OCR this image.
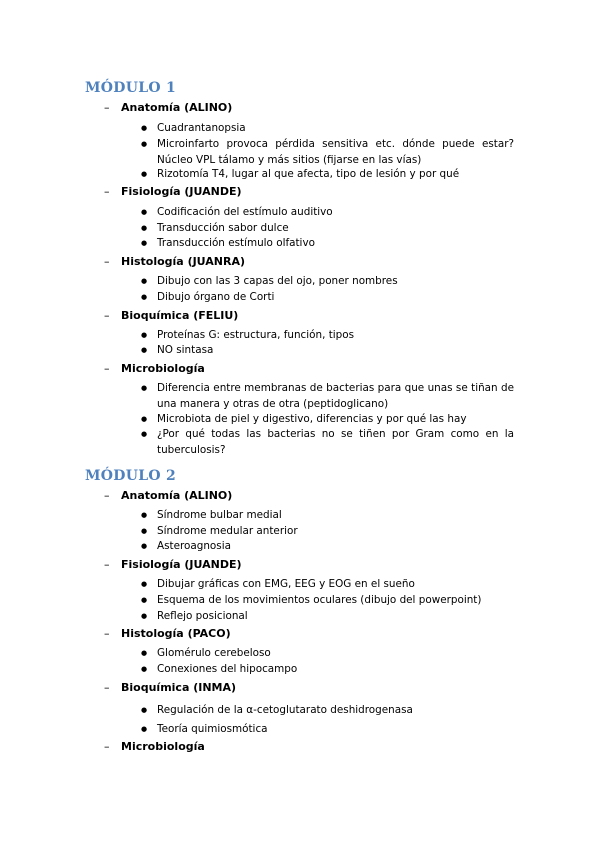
MÓDULO 1
– Anatomía (ALINO)
● Cuadrantanopsia
● Microinfarto provoca pérdida sensitiva etc. dónde puede estar? Núcleo VPL tálamo y más sitios (fijarse en las vías)
● Rizotomía T4, lugar al que afecta, tipo de lesión y por qué
– Fisiología (JUANDE)
● Codificación del estímulo auditivo
● Transducción sabor dulce
● Transducción estímulo olfativo
– Histología (JUANRA)
● Dibujo con las 3 capas del ojo, poner nombres
● Dibujo órgano de Corti
– Bioquímica (FELIU)
● Proteínas G: estructura, función, tipos
● NO sintasa
– Microbiología
● Diferencia entre membranas de bacterias para que unas se tiñan de una manera y otras de otra (peptidoglicano)
● Microbiota de piel y digestivo, diferencias y por qué las hay
● ¿Por qué todas las bacterias no se tiñen por Gram como en la tuberculosis?
MÓDULO 2
– Anatomía (ALINO)
● Síndrome bulbar medial
● Síndrome medular anterior
● Asteroagnosia
– Fisiología (JUANDE)
● Dibujar gráficas con EMG, EEG y EOG en el sueño
● Esquema de los movimientos oculares (dibujo del powerpoint)
● Reflejo posicional
– Histología (PACO)
● Glomérulo cerebeloso
● Conexiones del hipocampo
– Bioquímica (INMA)
● Regulación de la α-cetoglutarato deshidrogenasa
● Teoría quimiosmótica
– Microbiología
